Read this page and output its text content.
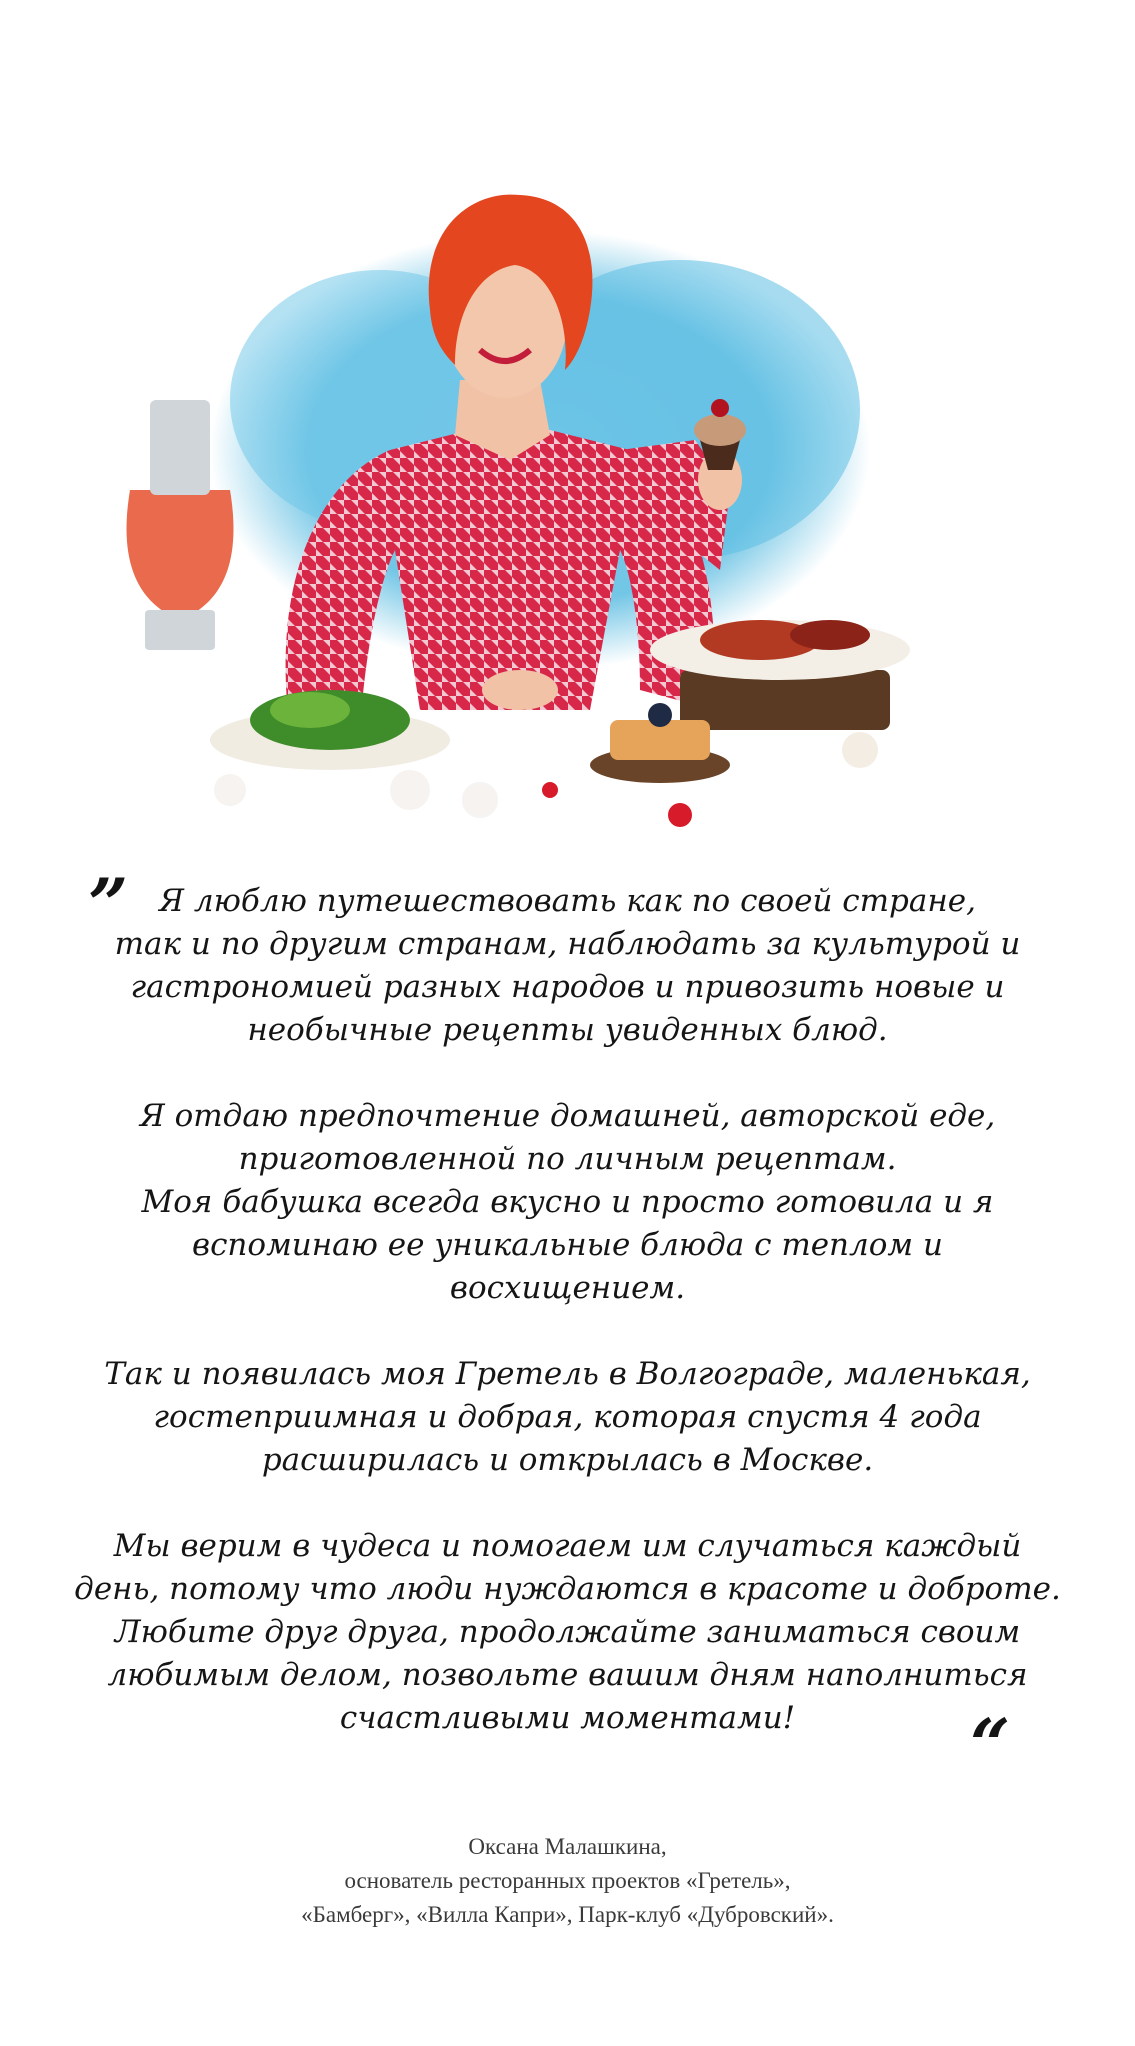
” Я люблю путешествовать как по своей стране,
так и по другим странам, наблюдать за культурой и
гастрономией разных народов и привозить новые и
необычные рецепты увиденных блюд.

Я отдаю предпочтение домашней, авторской еде,
приготовленной по личным рецептам.
Моя бабушка всегда вкусно и просто готовила и я
вспоминаю ее уникальные блюда с теплом и
восхищением.

Так и появилась моя Гретель в Волгограде, маленькая,
гостеприимная и добрая, которая спустя 4 года
расширилась и открылась в Москве.

Мы верим в чудеса и помогаем им случаться каждый
день, потому что люди нуждаются в красоте и доброте.
Любите друг друга, продолжайте заниматься своим
любимым делом, позвольте вашим дням наполниться
счастливыми моментами!	“
Оксана Малашкина,
основатель ресторанных проектов «Гретель»,
«Бамберг», «Вилла Капри», Парк-клуб «Дубровский».
